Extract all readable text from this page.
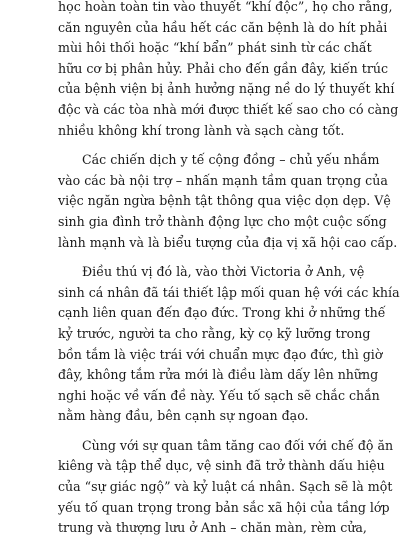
học hoàn toàn tin vào thuyết “khí độc”, họ cho rằng,
căn nguyên của hầu hết các căn bệnh là do hít phải
mùi hôi thối hoặc “khí bẩn” phát sinh từ các chất
hữu cơ bị phân hủy. Phải cho đến gần đây, kiến trúc
của bệnh viện bị ảnh hưởng nặng nề do lý thuyết khí
độc và các tòa nhà mới được thiết kế sao cho có càng
nhiều không khí trong lành và sạch càng tốt.
Các chiến dịch y tế cộng đồng – chủ yếu nhắm
vào các bà nội trợ – nhấn mạnh tầm quan trọng của
việc ngăn ngừa bệnh tật thông qua việc dọn dẹp. Vệ
sinh gia đình trở thành động lực cho một cuộc sống
lành mạnh và là biểu tượng của địa vị xã hội cao cấp.
Điều thú vị đó là, vào thời Victoria ở Anh, vệ
sinh cá nhân đã tái thiết lập mối quan hệ với các khía
cạnh liên quan đến đạo đức. Trong khi ở những thế
kỷ trước, người ta cho rằng, kỳ cọ kỹ lưỡng trong
bồn tắm là việc trái với chuẩn mực đạo đức, thì giờ
đây, không tắm rửa mới là điều làm dấy lên những
nghi hoặc về vấn đề này. Yếu tố sạch sẽ chắc chắn
nằm hàng đầu, bên cạnh sự ngoan đạo.
Cùng với sự quan tâm tăng cao đối với chế độ ăn
kiêng và tập thể dục, vệ sinh đã trở thành dấu hiệu
của “sự giác ngộ” và kỷ luật cá nhân. Sạch sẽ là một
yếu tố quan trọng trong bản sắc xã hội của tầng lớp
trung và thượng lưu ở Anh – chăn màn, rèm cửa,
